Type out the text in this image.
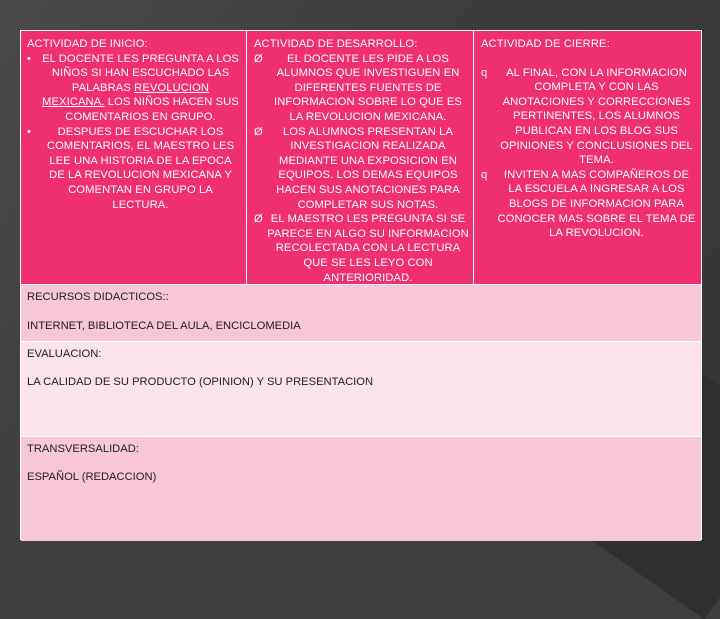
ACTIVIDAD DE INICIO:
• EL DOCENTE LES PREGUNTA A LOS NIÑOS SI HAN ESCUCHADO LAS PALABRAS REVOLUCION MEXICANA. LOS NIÑOS HACEN SUS COMENTARIOS EN GRUPO.
•	DESPUES DE ESCUCHAR LOS COMENTARIOS, EL MAESTRO LES LEE UNA HISTORIA DE LA EPOCA DE LA REVOLUCION MEXICANA Y COMENTAN EN GRUPO LA LECTURA.
ACTIVIDAD DE DESARROLLO:
Ø EL DOCENTE LES PIDE A LOS ALUMNOS QUE INVESTIGUEN EN DIFERENTES FUENTES DE INFORMACION SOBRE LO QUE ES LA REVOLUCION MEXICANA.
Ø LOS ALUMNOS PRESENTAN LA INVESTIGACION REALIZADA MEDIANTE UNA EXPOSICION EN EQUIPOS. LOS DEMAS EQUIPOS HACEN SUS ANOTACIONES PARA COMPLETAR SUS NOTAS.
Ø EL MAESTRO LES PREGUNTA SI SE PARECE EN ALGO SU INFORMACION RECOLECTADA CON LA LECTURA QUE SE LES LEYO CON ANTERIORIDAD.
ACTIVIDAD DE CIERRE:
q	AL FINAL, CON LA INFORMACION COMPLETA Y CON LAS ANOTACIONES Y CORRECCIONES PERTINENTES, LOS ALUMNOS PUBLICAN EN LOS BLOG SUS OPINIONES Y CONCLUSIONES DEL TEMA.
q	INVITEN A MAS COMPAÑEROS DE LA ESCUELA A INGRESAR A LOS BLOGS DE INFORMACION PARA CONOCER MAS SOBRE EL TEMA DE LA REVOLUCION.
RECURSOS DIDACTICOS::
INTERNET, BIBLIOTECA DEL AULA, ENCICLOMEDIA
EVALUACION:
LA CALIDAD DE SU PRODUCTO (OPINION) Y SU PRESENTACION
TRANSVERSALIDAD:
ESPAÑOL (REDACCION)
